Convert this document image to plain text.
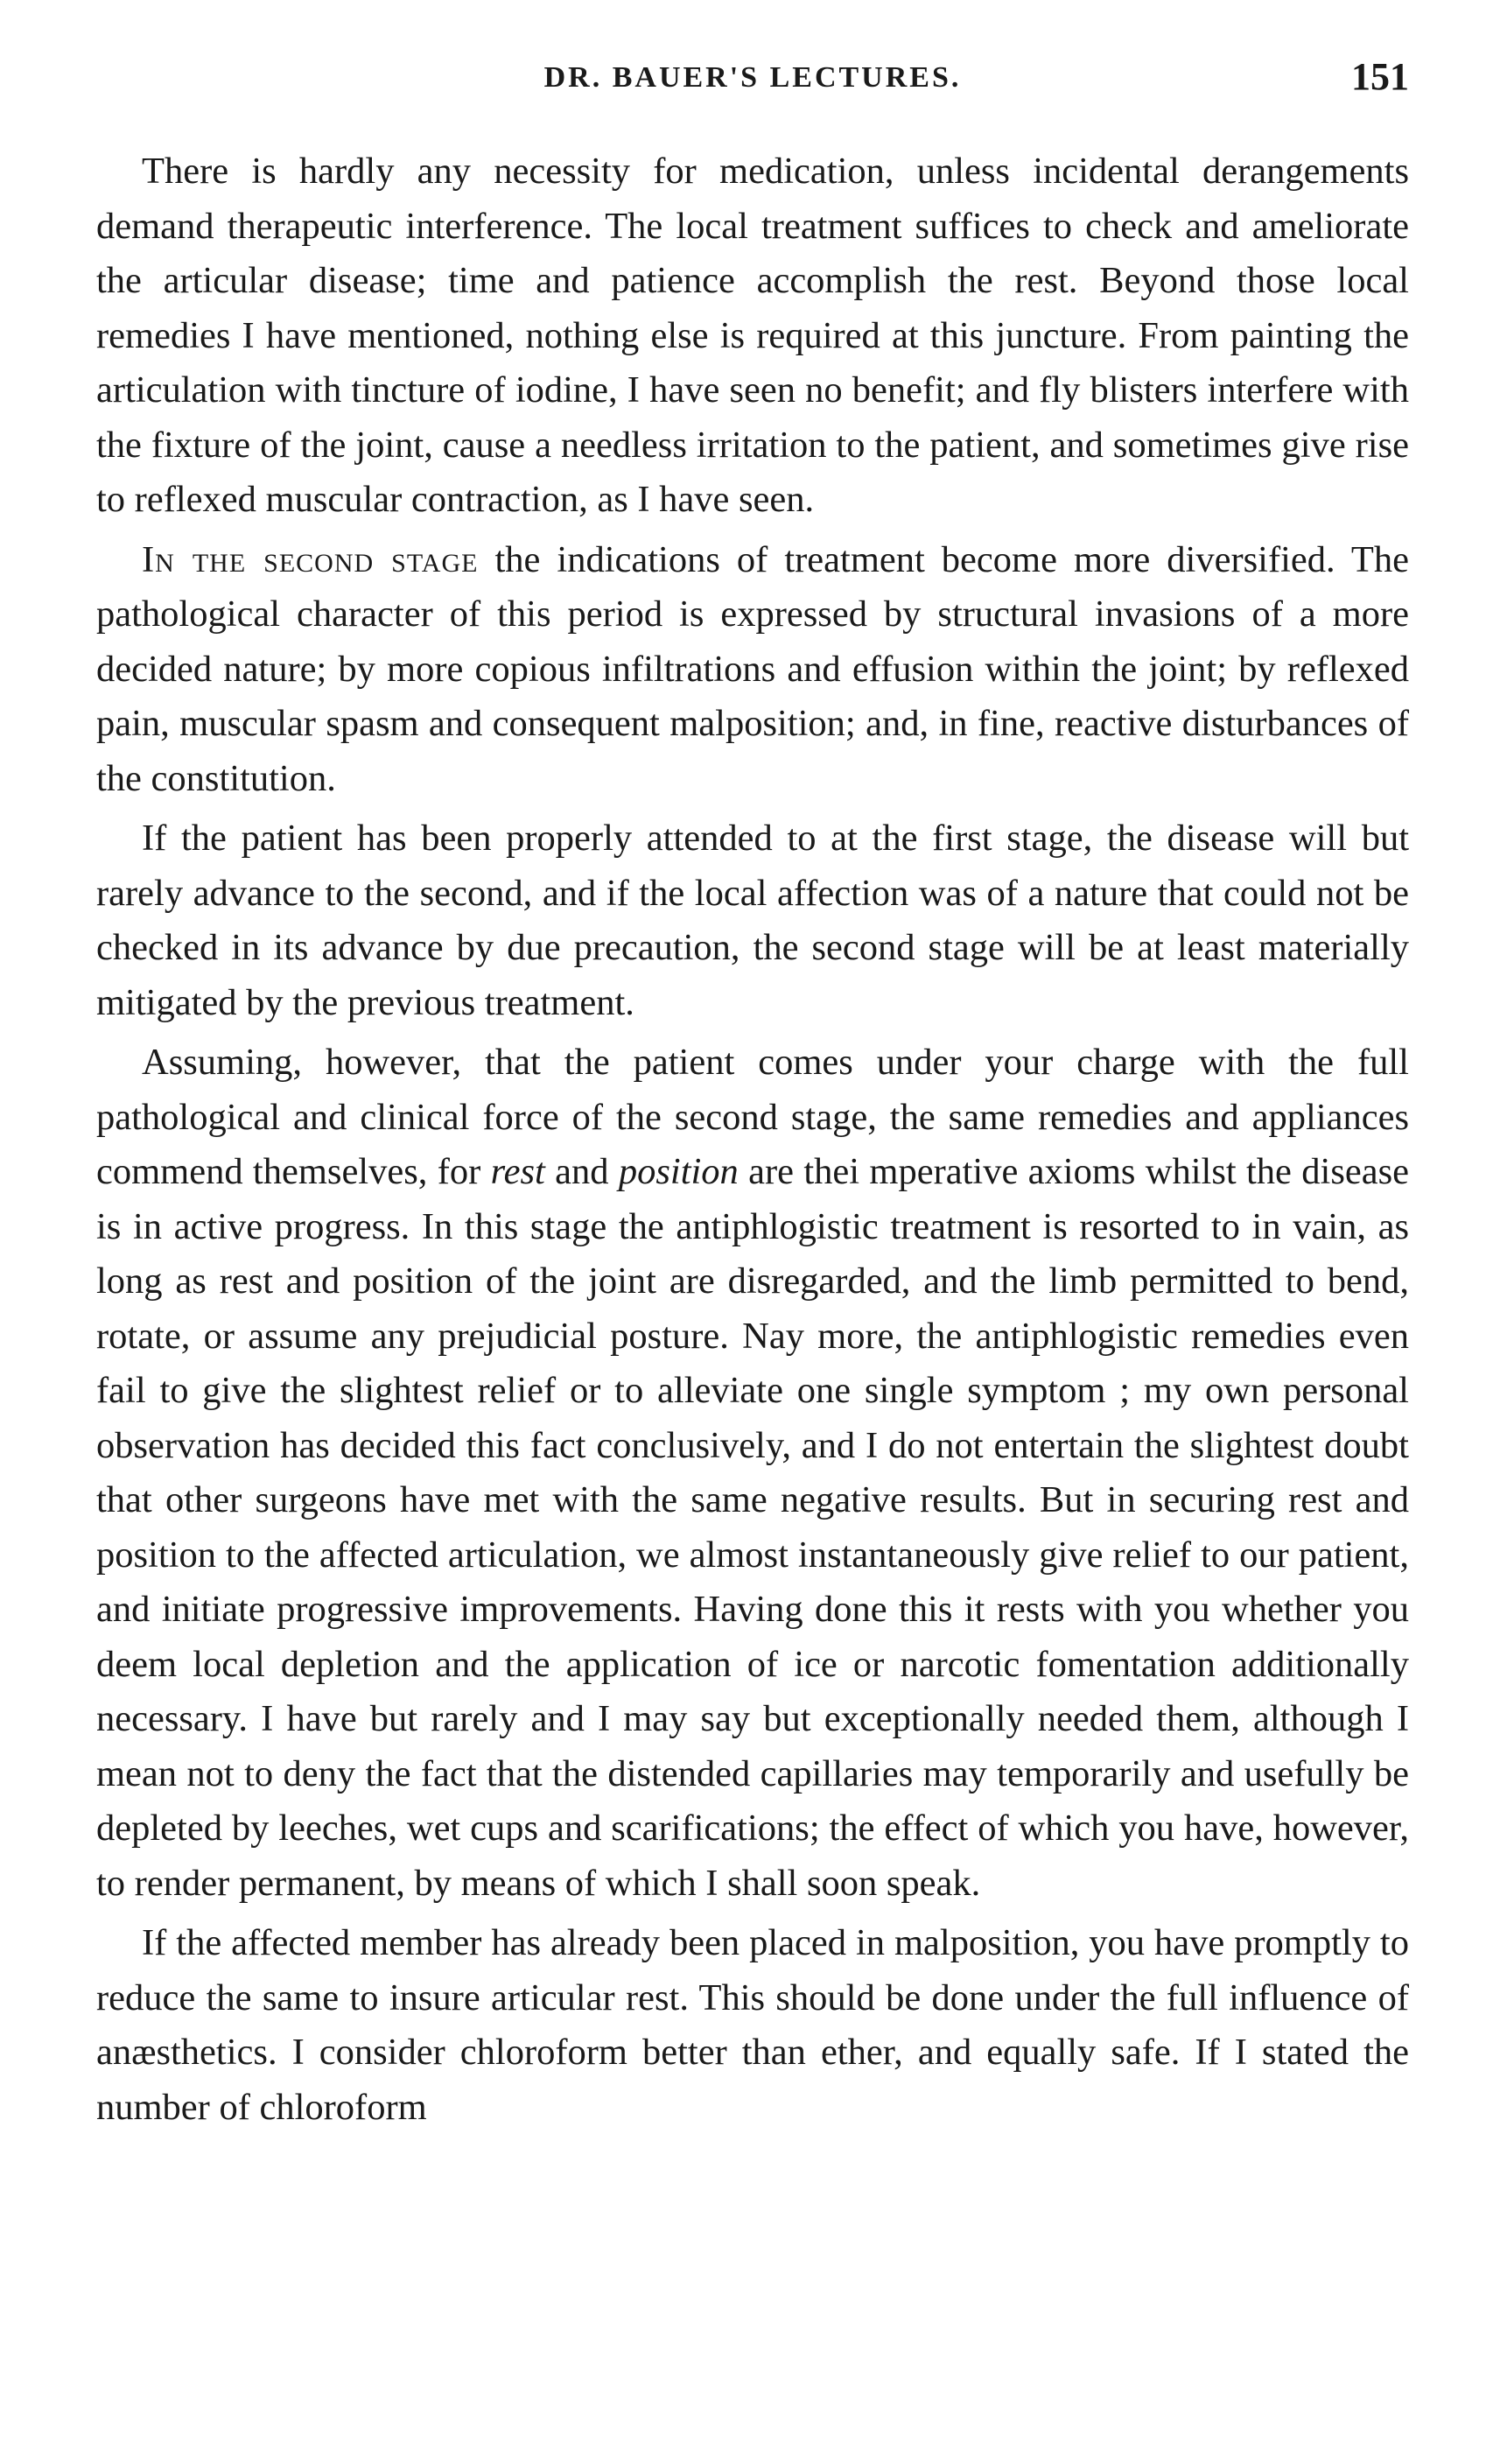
DR. BAUER'S LECTURES.	151

There is hardly any necessity for medication, unless incidental derangements demand therapeutic interference. The local treatment suffices to check and ameliorate the articular disease; time and patience accomplish the rest. Beyond those local remedies I have mentioned, nothing else is required at this juncture. From painting the articulation with tincture of iodine, I have seen no benefit; and fly blisters interfere with the fixture of the joint, cause a needless irritation to the patient, and sometimes give rise to reflexed muscular contraction, as I have seen.

In the second stage the indications of treatment become more diversified. The pathological character of this period is expressed by structural invasions of a more decided nature; by more copious infiltrations and effusion within the joint; by reflexed pain, muscular spasm and consequent malposition; and, in fine, reactive disturbances of the constitution.

If the patient has been properly attended to at the first stage, the disease will but rarely advance to the second, and if the local affection was of a nature that could not be checked in its advance by due precaution, the second stage will be at least materially mitigated by the previous treatment.

Assuming, however, that the patient comes under your charge with the full pathological and clinical force of the second stage, the same remedies and appliances commend themselves, for rest and position are thei mperative axioms whilst the disease is in active progress. In this stage the antiphlogistic treatment is resorted to in vain, as long as rest and position of the joint are disregarded, and the limb permitted to bend, rotate, or assume any prejudicial posture. Nay more, the antiphlogistic remedies even fail to give the slightest relief or to alleviate one single symptom ; my own personal observation has decided this fact conclusively, and I do not entertain the slightest doubt that other surgeons have met with the same negative results. But in securing rest and position to the affected articulation, we almost instantaneously give relief to our patient, and initiate progressive improvements. Having done this it rests with you whether you deem local depletion and the application of ice or narcotic fomentation additionally necessary. I have but rarely and I may say but exceptionally needed them, although I mean not to deny the fact that the distended capillaries may temporarily and usefully be depleted by leeches, wet cups and scarifications; the effect of which you have, however, to render permanent, by means of which I shall soon speak.

If the affected member has already been placed in malposition, you have promptly to reduce the same to insure articular rest. This should be done under the full influence of anæsthetics. I consider chloroform better than ether, and equally safe. If I stated the number of chloroform
